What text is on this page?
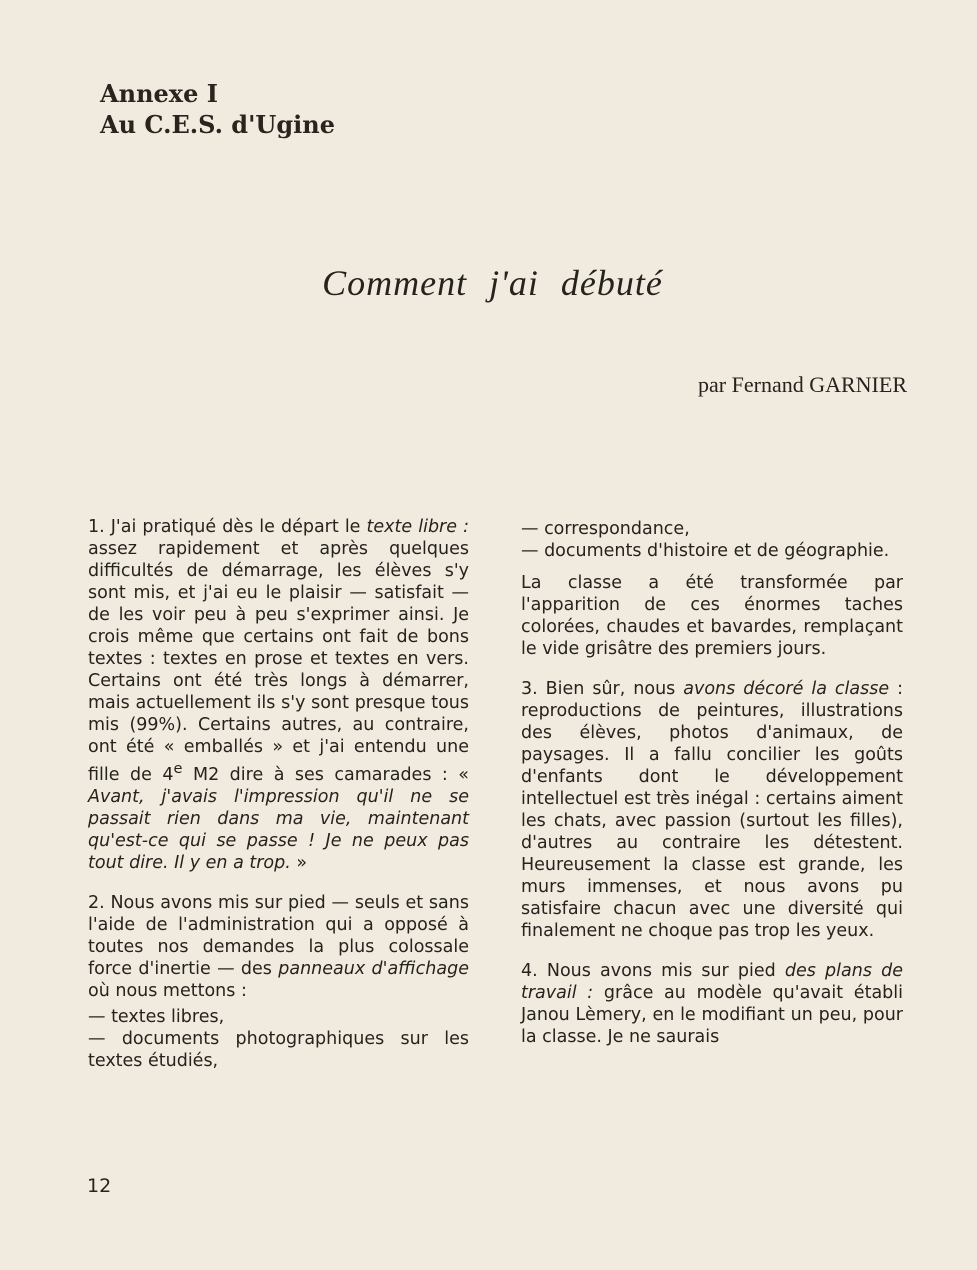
Annexe I
Au C.E.S. d'Ugine
Comment j'ai débuté
par Fernand GARNIER

1. J'ai pratiqué dès le départ le texte libre : assez rapidement et après quelques difficultés de démarrage, les élèves s'y sont mis, et j'ai eu le plaisir — satisfait — de les voir peu à peu s'exprimer ainsi. Je crois même que certains ont fait de bons textes : textes en prose et textes en vers. Certains ont été très longs à démarrer, mais actuellement ils s'y sont presque tous mis (99%). Certains autres, au contraire, ont été « emballés » et j'ai entendu une fille de 4e M2 dire à ses camarades : « Avant, j'avais l'impression qu'il ne se passait rien dans ma vie, maintenant qu'est-ce qui se passe ! Je ne peux pas tout dire. Il y en a trop. »

2. Nous avons mis sur pied — seuls et sans l'aide de l'administration qui a opposé à toutes nos demandes la plus colossale force d'inertie — des panneaux d'affichage où nous mettons :

— textes libres,

— documents photographiques sur les textes étudiés,

— correspondance,

— documents d'histoire et de géographie.

La classe a été transformée par l'apparition de ces énormes taches colorées, chaudes et bavardes, remplaçant le vide grisâtre des premiers jours.

3. Bien sûr, nous avons décoré la classe : reproductions de peintures, illustrations des élèves, photos d'animaux, de paysages. Il a fallu concilier les goûts d'enfants dont le développement intellectuel est très inégal : certains aiment les chats, avec passion (surtout les filles), d'autres au contraire les détestent. Heureusement la classe est grande, les murs immenses, et nous avons pu satisfaire chacun avec une diversité qui finalement ne choque pas trop les yeux.

4. Nous avons mis sur pied des plans de travail : grâce au modèle qu'avait établi Janou Lèmery, en le modifiant un peu, pour la classe. Je ne saurais

12
